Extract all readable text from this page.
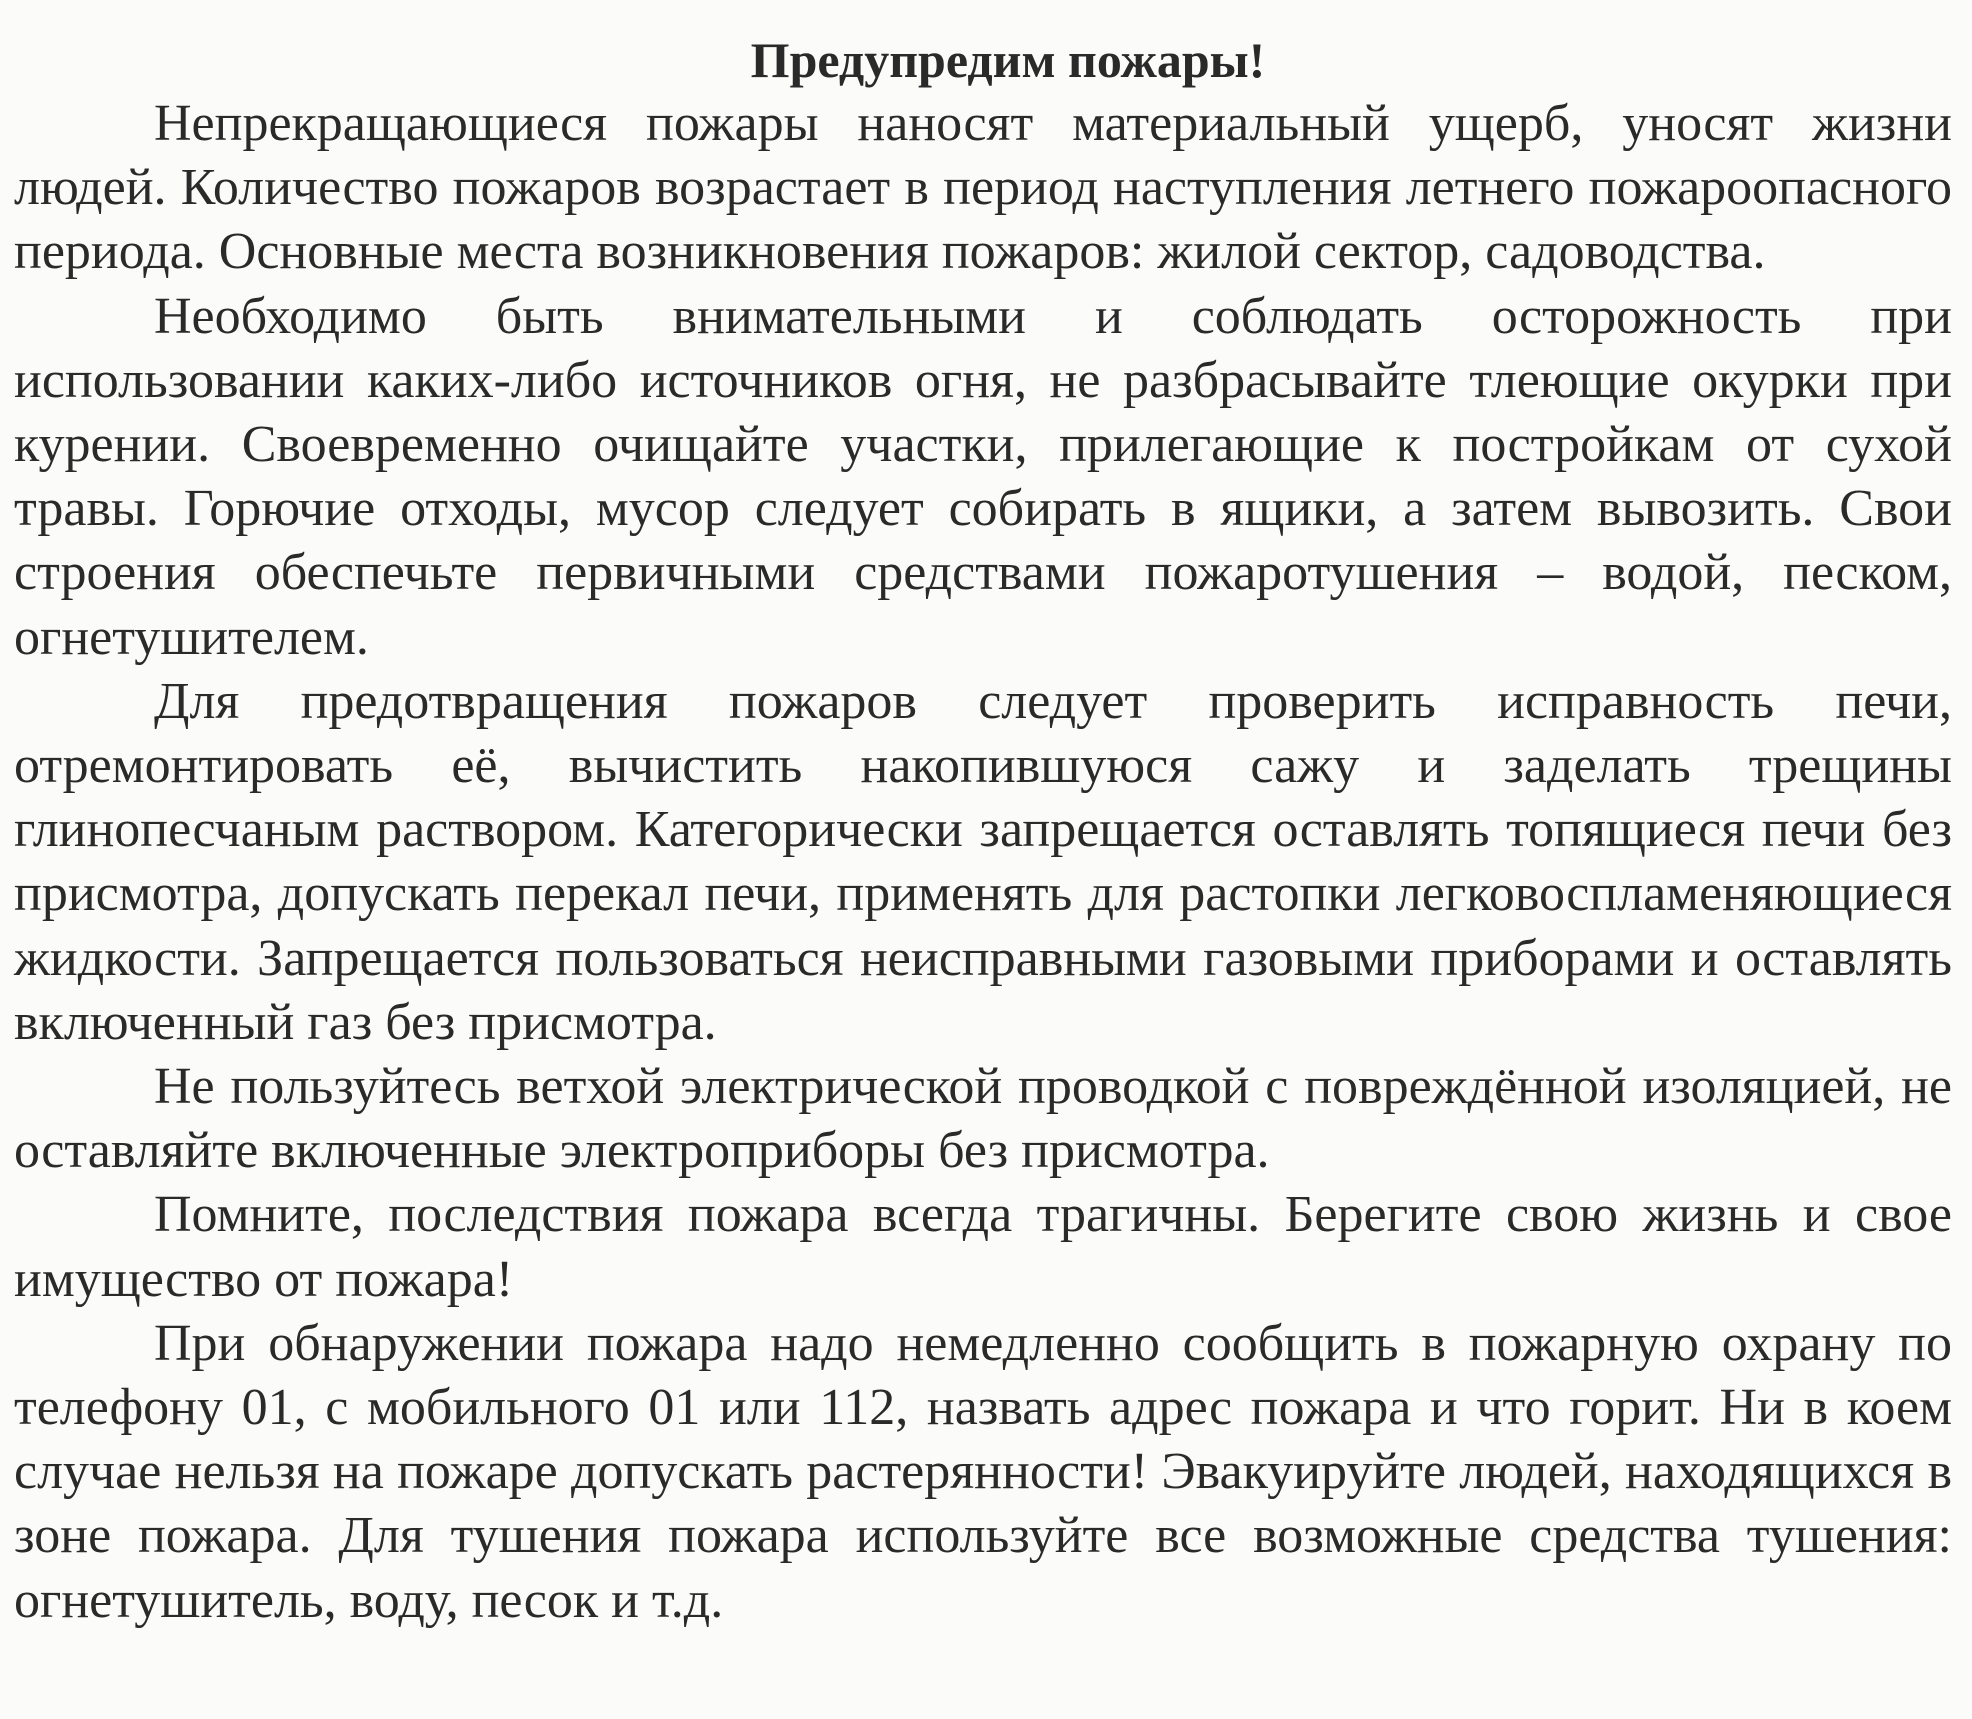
Предупредим пожары!

Непрекращающиеся пожары наносят материальный ущерб, уносят жизни людей. Количество пожаров возрастает в период наступления летнего пожароопасного периода. Основные места возникновения пожаров: жилой сектор, садоводства.

Необходимо быть внимательными и соблюдать осторожность при использовании каких-либо источников огня, не разбрасывайте тлеющие окурки при курении. Своевременно очищайте участки, прилегающие к постройкам от сухой травы. Горючие отходы, мусор следует собирать в ящики, а затем вывозить. Свои строения обеспечьте первичными средствами пожаротушения – водой, песком, огнетушителем.

Для предотвращения пожаров следует проверить исправность печи, отремонтировать её, вычистить накопившуюся сажу и заделать трещины глинопесчаным раствором. Категорически запрещается оставлять топящиеся печи без присмотра, допускать перекал печи, применять для растопки легковоспламеняющиеся жидкости. Запрещается пользоваться неисправными газовыми приборами и оставлять включенный газ без присмотра.

Не пользуйтесь ветхой электрической проводкой с повреждённой изоляцией, не оставляйте включенные электроприборы без присмотра.

Помните, последствия пожара всегда трагичны. Берегите свою жизнь и свое имущество от пожара!

При обнаружении пожара надо немедленно сообщить в пожарную охрану по телефону 01, с мобильного 01 или 112, назвать адрес пожара и что горит. Ни в коем случае нельзя на пожаре допускать растерянности! Эвакуируйте людей, находящихся в зоне пожара. Для тушения пожара используйте все возможные средства тушения: огнетушитель, воду, песок и т.д.
